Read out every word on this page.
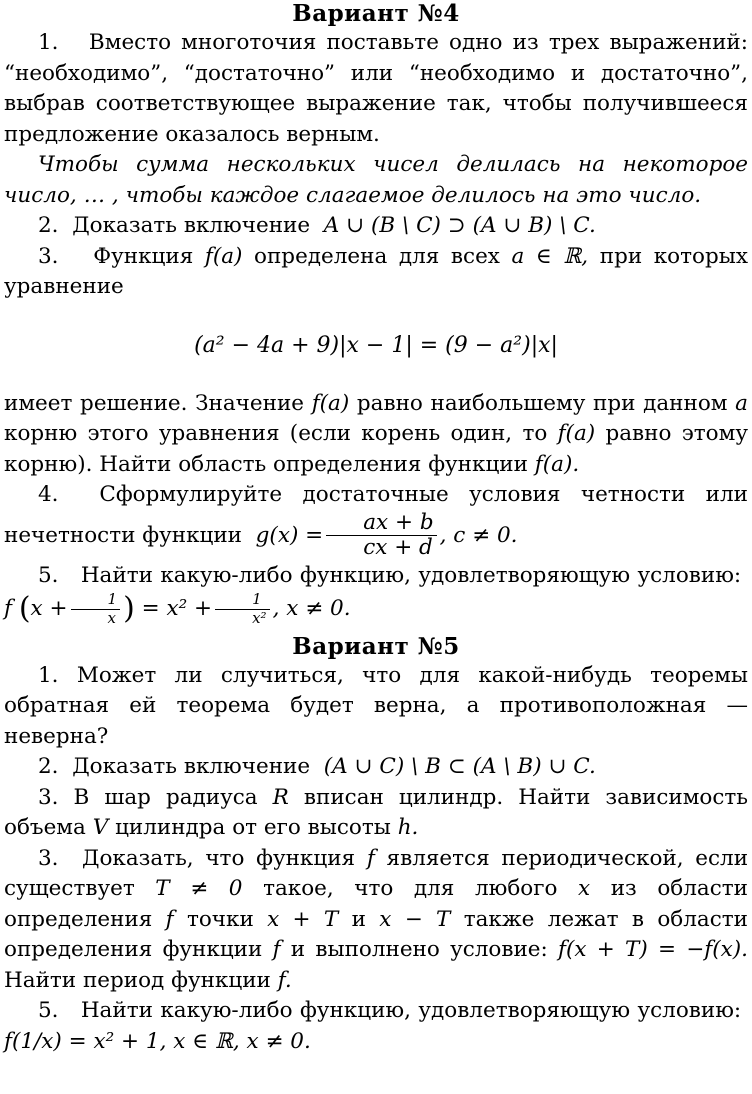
Вариант №4

1. Вместо многоточия поставьте одно из трех выражений: “необходимо”, “достаточно” или “необходимо и достаточно”, выбрав соответствующее выражение так, чтобы получившееся предложение оказалось верным.

Чтобы сумма нескольких чисел делилась на некоторое число, … , чтобы каждое слагаемое делилось на это число.

2. Доказать включение A ∪ (B \ C) ⊃ (A ∪ B) \ C.

3. Функция f(a) определена для всех a ∈ ℝ, при которых уравнение

(a² − 4a + 9)|x − 1| = (9 − a²)|x|

имеет решение. Значение f(a) равно наибольшему при данном a корню этого уравнения (если корень один, то f(a) равно этому корню). Найти область определения функции f(a).

4. Сформулируйте достаточные условия четности или нечетности функции $g(x) = \frac{ax + b}{cx + d}$ , c ≠ 0.

5. Найти какую-либо функцию, удовлетворяющую условию:  f ($x + \frac{1}{x}$ ) = $x^2 + \frac{1}{\text{x²}}$ , x ≠ 0.

Вариант №5

1. Может ли случиться, что для какой-нибудь теоремы обратная ей теорема будет верна, а противоположная — неверна?

2. Доказать включение (A ∪ C) \ B ⊂ (A \ B) ∪ C.

3. В шар радиуса R вписан цилиндр. Найти зависимость объема V цилиндра от его высоты h.

3. Доказать, что функция f является периодической, если существует T ≠ 0 такое, что для любого x из области определения f точки x + T и x − T также лежат в области определения функции f и выполнено условие: f(x + T) = −f(x). Найти период функции f.

5. Найти какую-либо функцию, удовлетворяющую условию:  f(1/x) = x² + 1, x ∈ ℝ, x ≠ 0.
